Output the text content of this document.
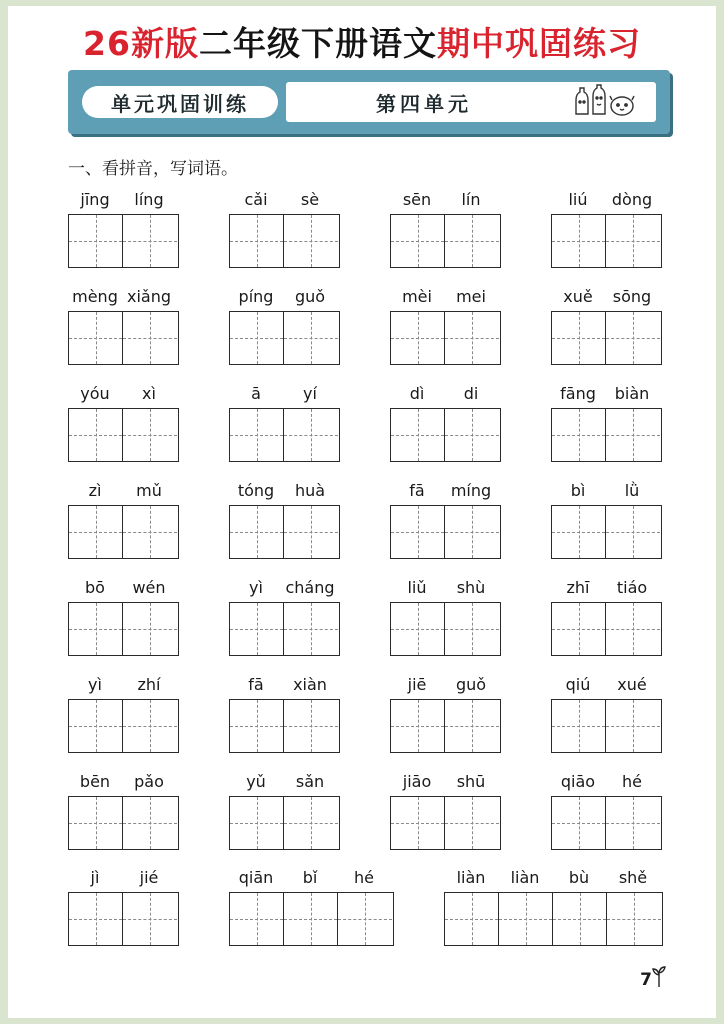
26新版二年级下册语文期中巩固练习
单元巩固训练	第四单元
一、看拼音，写词语。
jīng	líng	cǎi	sè	sēn	lín	liú	dòng
mèng xiǎng	píng	guǒ	mèi	mei	xuě	sōng
yóu	xì	ā	yí	dì	di	fāng	biàn
zì	mǔ	tóng	huà	fā	míng	bì	lǜ
bō	wén	yì	cháng	liǔ	shù	zhī	tiáo
yì	zhí	fā	xiàn	jiē	guǒ	qiú	xué
bēn	pǎo	yǔ	sǎn	jiāo	shū	qiāo	hé
jì	jié	qiān	bǐ	hé	liàn	liàn	bù	shě
7
